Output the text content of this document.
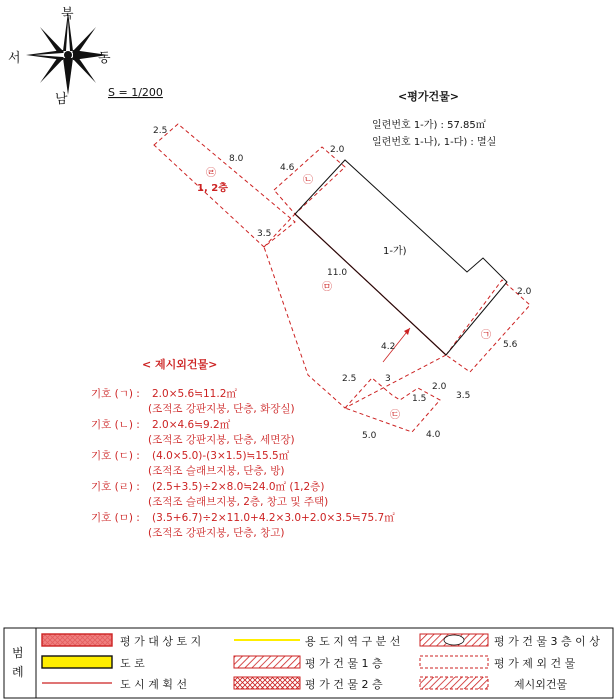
북
남
동
서
S = 1/200	<평가건물>
일련번호 1-가) : 57.85㎡
일련번호 1-나), 1-다) : 멸실
2.5
8.0
4.6
2.0
3.5
11.0
2.0
5.6
4.2
2.5	3
1.5
2.0
3.5
5.0	4.0
㉣
1, 2층
㉡
1-가)
㉤
㉠
㉢
< 제시외건물>
기호 (ㄱ) : 2.0×5.6≒11.2㎡
(조적조 강판지붕, 단층, 화장실)
기호 (ㄴ) : 2.0×4.6≒9.2㎡
(조적조 강판지붕, 단층, 세면장)
기호 (ㄷ) : (4.0×5.0)-(3×1.5)≒15.5㎡
(조적조 슬래브지붕, 단층, 방)
기호 (ㄹ) : (2.5+3.5)÷2×8.0≒24.0㎡ (1,2층)
(조적조 슬래브지붕, 2층, 창고 및 주택)
기호 (ㅁ) : (3.5+6.7)÷2×11.0+4.2×3.0+2.0×3.5≒75.7㎡
(조적조 강판지붕, 단층, 창고)
범
례
평 가 대 상 토 지
도 로
도 시 계 획 선
용 도 지 역 구 분 선
평 가 건 물 1 층
평 가 건 물 2 층
평 가 건 물 3 층 이 상
평 가 제 외 건 물
제시외건물
